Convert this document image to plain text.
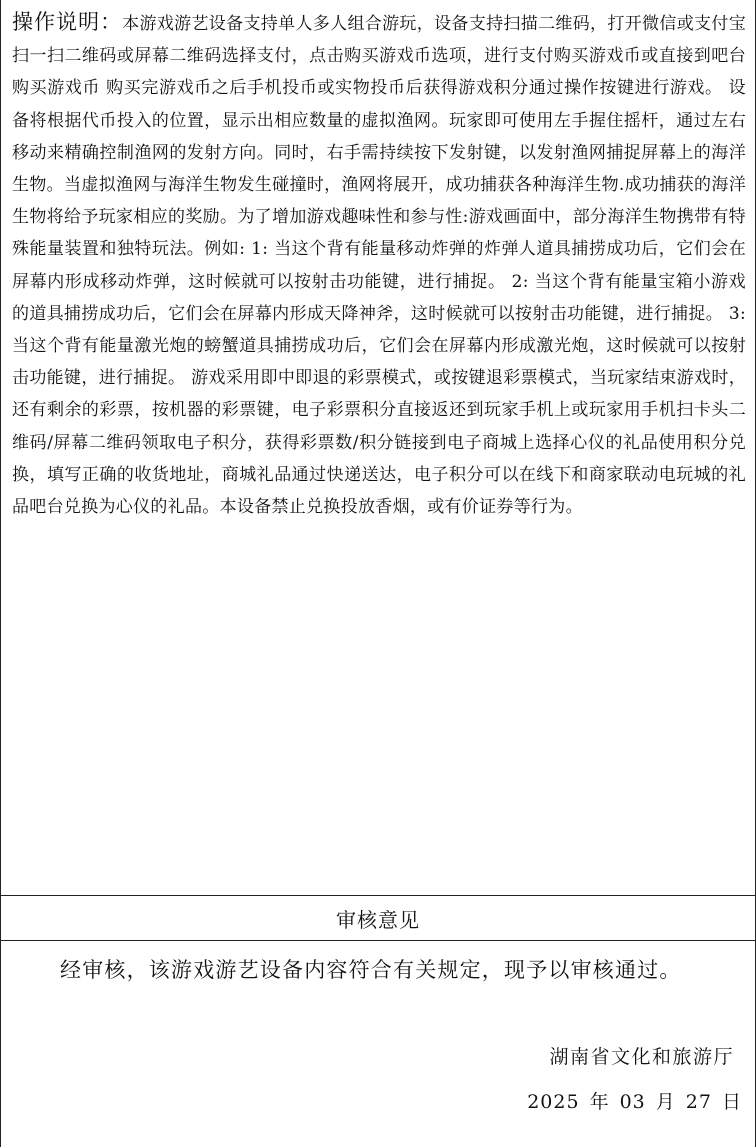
操作说明：本游戏游艺设备支持单人多人组合游玩，设备支持扫描二维码，打开微信或支付宝扫一扫二维码或屏幕二维码选择支付，点击购买游戏币选项，进行支付购买游戏币或直接到吧台购买游戏币 购买完游戏币之后手机投币或实物投币后获得游戏积分通过操作按键进行游戏。 设备将根据代币投入的位置，显示出相应数量的虚拟渔网。玩家即可使用左手握住摇杆，通过左右移动来精确控制渔网的发射方向。同时，右手需持续按下发射键，以发射渔网捕捉屏幕上的海洋生物。当虚拟渔网与海洋生物发生碰撞时，渔网将展开，成功捕获各种海洋生物.成功捕获的海洋生物将给予玩家相应的奖励。为了增加游戏趣味性和参与性:游戏画面中，部分海洋生物携带有特殊能量装置和独特玩法。例如: 1: 当这个背有能量移动炸弹的炸弹人道具捕捞成功后，它们会在屏幕内形成移动炸弹，这时候就可以按射击功能键，进行捕捉。 2: 当这个背有能量宝箱小游戏的道具捕捞成功后，它们会在屏幕内形成天降神斧，这时候就可以按射击功能键，进行捕捉。 3: 当这个背有能量激光炮的螃蟹道具捕捞成功后，它们会在屏幕内形成激光炮，这时候就可以按射击功能键，进行捕捉。 游戏采用即中即退的彩票模式，或按键退彩票模式，当玩家结束游戏时，还有剩余的彩票，按机器的彩票键，电子彩票积分直接返还到玩家手机上或玩家用手机扫卡头二维码/屏幕二维码领取电子积分，获得彩票数/积分链接到电子商城上选择心仪的礼品使用积分兑换，填写正确的收货地址，商城礼品通过快递送达，电子积分可以在线下和商家联动电玩城的礼品吧台兑换为心仪的礼品。本设备禁止兑换投放香烟，或有价证券等行为。
审核意见
经审核，该游戏游艺设备内容符合有关规定，现予以审核通过。
湖南省文化和旅游厅
2025 年 03 月 27 日
